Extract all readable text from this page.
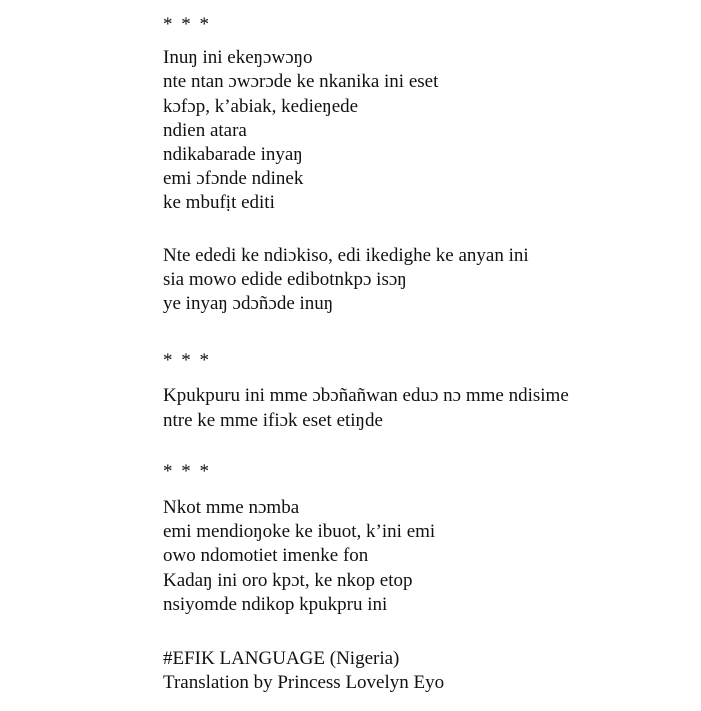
* * *

Inuŋ ini ekeŋɔwɔŋo

nte ntan ɔwɔrɔde ke nkanika ini eset

kɔfɔp, k’abiak, kedieŋede

ndien atara

ndikabarade inyaŋ

emi ɔfɔnde ndinek

ke mbufịt editi

Nte ededi ke ndiɔkiso, edi ikedighe ke anyan ini

sia mowo edide edibotnkpɔ isɔŋ

ye inyaŋ ɔdɔñɔde inuŋ

* * *

Kpukpuru ini mme ɔbɔñañwan eduɔ nɔ mme ndisime

ntre ke mme ifiɔk eset etiŋde

* * *

Nkot mme nɔmba

emi mendioŋoke ke ibuot, k’ini emi

owo ndomotiet imenke fon

Kadaŋ ini oro kpɔt, ke nkop etop

nsiyomde ndikop kpukpru ini

#EFIK LANGUAGE (Nigeria)

Translation by Princess Lovelyn Eyo
